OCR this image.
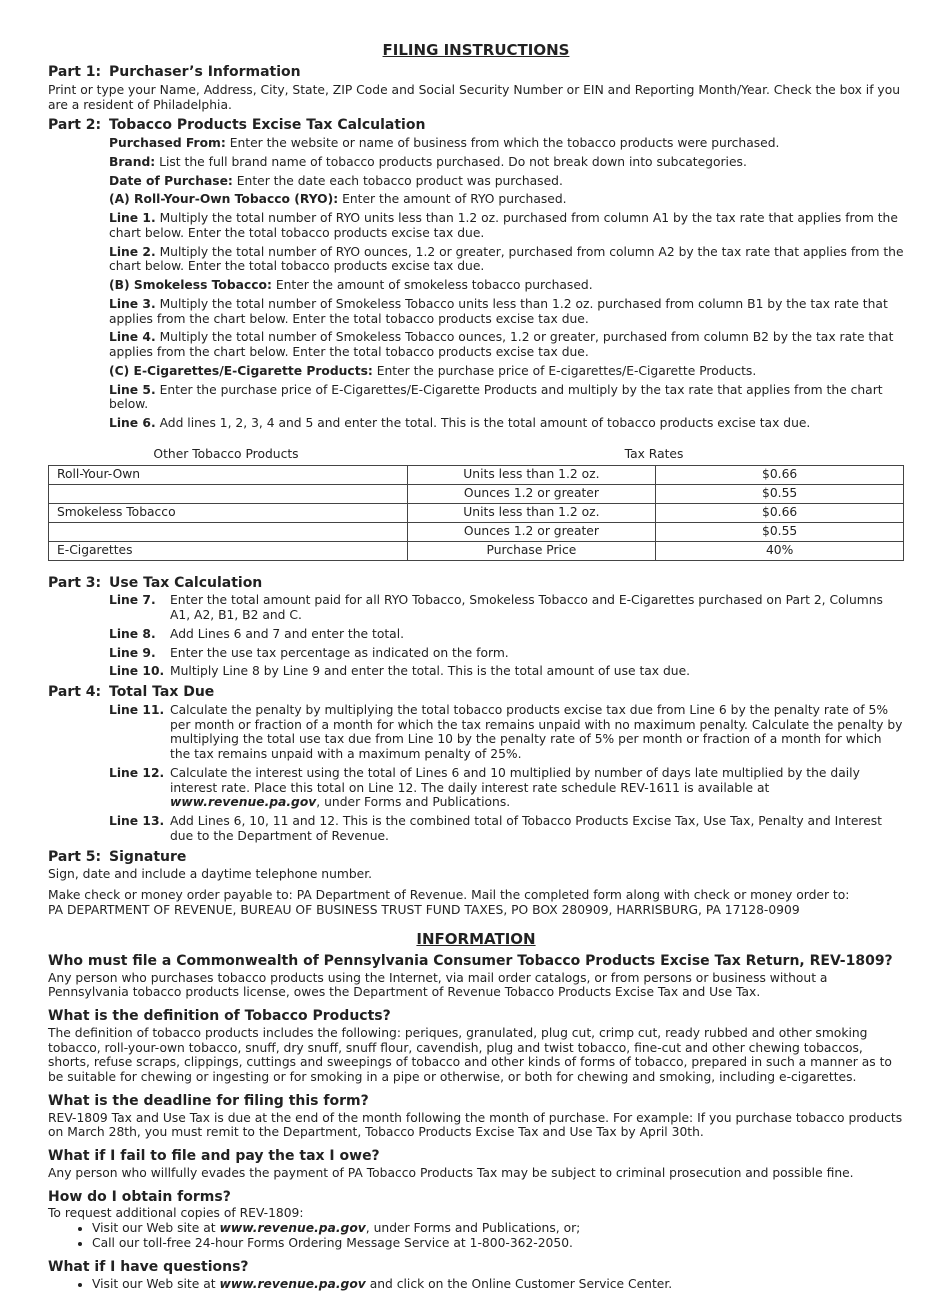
FILING INSTRUCTIONS
Part 1: Purchaser’s Information
Print or type your Name, Address, City, State, ZIP Code and Social Security Number or EIN and Reporting Month/Year. Check the box if you are a resident of Philadelphia.
Part 2: Tobacco Products Excise Tax Calculation
Purchased From: Enter the website or name of business from which the tobacco products were purchased.
Brand: List the full brand name of tobacco products purchased. Do not break down into subcategories.
Date of Purchase: Enter the date each tobacco product was purchased.
(A) Roll-Your-Own Tobacco (RYO): Enter the amount of RYO purchased.
Line 1. Multiply the total number of RYO units less than 1.2 oz. purchased from column A1 by the tax rate that applies from the chart below. Enter the total tobacco products excise tax due.
Line 2. Multiply the total number of RYO ounces, 1.2 or greater, purchased from column A2 by the tax rate that applies from the chart below. Enter the total tobacco products excise tax due.
(B) Smokeless Tobacco: Enter the amount of smokeless tobacco purchased.
Line 3. Multiply the total number of Smokeless Tobacco units less than 1.2 oz. purchased from column B1 by the tax rate that applies from the chart below. Enter the total tobacco products excise tax due.
Line 4. Multiply the total number of Smokeless Tobacco ounces, 1.2 or greater, purchased from column B2 by the tax rate that applies from the chart below. Enter the total tobacco products excise tax due.
(C) E-Cigarettes/E-Cigarette Products: Enter the purchase price of E-cigarettes/E-Cigarette Products.
Line 5. Enter the purchase price of E-Cigarettes/E-Cigarette Products and multiply by the tax rate that applies from the chart below.
Line 6. Add lines 1, 2, 3, 4 and 5 and enter the total. This is the total amount of tobacco products excise tax due.
Other Tobacco Products	Tax Rates
Roll-Your-Own	Units less than 1.2 oz.	$0.66
	Ounces 1.2 or greater	$0.55
Smokeless Tobacco	Units less than 1.2 oz.	$0.66
	Ounces 1.2 or greater	$0.55
E-Cigarettes	Purchase Price	40%
Part 3: Use Tax Calculation
Line 7.	Enter the total amount paid for all RYO Tobacco, Smokeless Tobacco and E-Cigarettes purchased on Part 2, Columns A1, A2, B1, B2 and C.
Line 8.	Add Lines 6 and 7 and enter the total.
Line 9.	Enter the use tax percentage as indicated on the form.
Line 10. Multiply Line 8 by Line 9 and enter the total. This is the total amount of use tax due.
Part 4: Total Tax Due
Line 11. Calculate the penalty by multiplying the total tobacco products excise tax due from Line 6 by the penalty rate of 5% per month or fraction of a month for which the tax remains unpaid with no maximum penalty. Calculate the penalty by multiplying the total use tax due from Line 10 by the penalty rate of 5% per month or fraction of a month for which the tax remains unpaid with a maximum penalty of 25%.
Line 12. Calculate the interest using the total of Lines 6 and 10 multiplied by number of days late multiplied by the daily interest rate. Place this total on Line 12. The daily interest rate schedule REV-1611 is available at www.revenue.pa.gov, under Forms and Publications.
Line 13. Add Lines 6, 10, 11 and 12. This is the combined total of Tobacco Products Excise Tax, Use Tax, Penalty and Interest due to the Department of Revenue.
Part 5: Signature
Sign, date and include a daytime telephone number.
Make check or money order payable to: PA Department of Revenue. Mail the completed form along with check or money order to:
PA DEPARTMENT OF REVENUE, BUREAU OF BUSINESS TRUST FUND TAXES, PO BOX 280909, HARRISBURG, PA 17128-0909
INFORMATION
Who must file a Commonwealth of Pennsylvania Consumer Tobacco Products Excise Tax Return, REV-1809?
Any person who purchases tobacco products using the Internet, via mail order catalogs, or from persons or business without a Pennsylvania tobacco products license, owes the Department of Revenue Tobacco Products Excise Tax and Use Tax.
What is the definition of Tobacco Products?
The definition of tobacco products includes the following: periques, granulated, plug cut, crimp cut, ready rubbed and other smoking tobacco, roll-your-own tobacco, snuff, dry snuff, snuff flour, cavendish, plug and twist tobacco, fine-cut and other chewing tobaccos, shorts, refuse scraps, clippings, cuttings and sweepings of tobacco and other kinds of forms of tobacco, prepared in such a manner as to be suitable for chewing or ingesting or for smoking in a pipe or otherwise, or both for chewing and smoking, including e-cigarettes.
What is the deadline for filing this form?
REV-1809 Tax and Use Tax is due at the end of the month following the month of purchase. For example: If you purchase tobacco products on March 28th, you must remit to the Department, Tobacco Products Excise Tax and Use Tax by April 30th.
What if I fail to file and pay the tax I owe?
Any person who willfully evades the payment of PA Tobacco Products Tax may be subject to criminal prosecution and possible fine.
How do I obtain forms?
To request additional copies of REV-1809:
• Visit our Web site at www.revenue.pa.gov, under Forms and Publications, or;
• Call our toll-free 24-hour Forms Ordering Message Service at 1-800-362-2050.
What if I have questions?
• Visit our Web site at www.revenue.pa.gov and click on the Online Customer Service Center.
